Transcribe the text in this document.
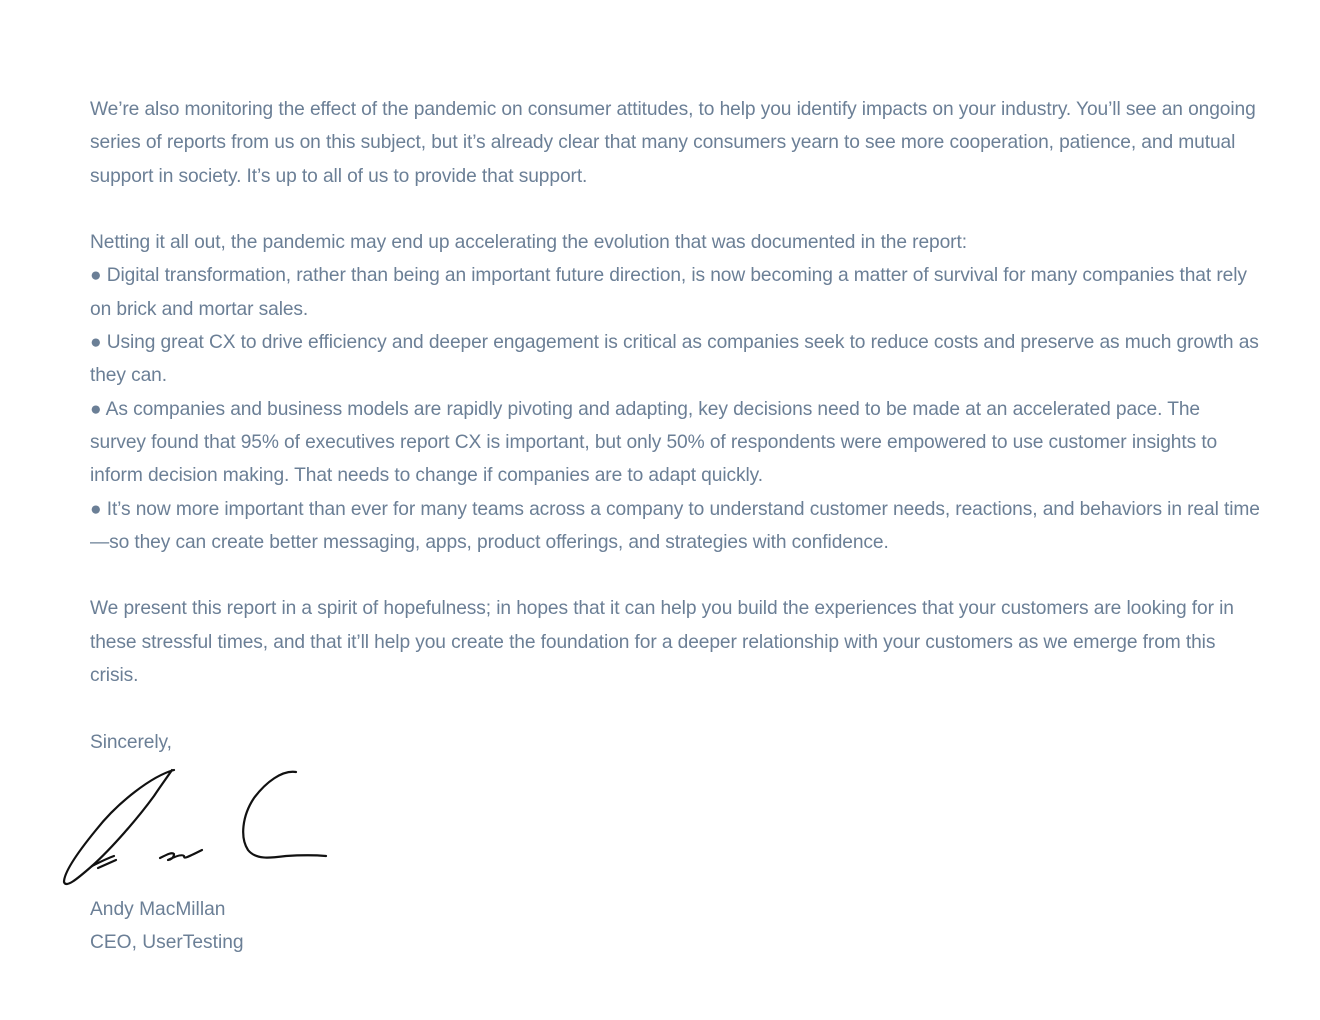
We’re also monitoring the effect of the pandemic on consumer attitudes, to help you identify impacts on your industry. You’ll see an ongoing series of reports from us on this subject, but it’s already clear that many consumers yearn to see more cooperation, patience, and mutual support in society. It’s up to all of us to provide that support.

Netting it all out, the pandemic may end up accelerating the evolution that was documented in the report:

● Digital transformation, rather than being an important future direction, is now becoming a matter of survival for many companies that rely on brick and mortar sales.

● Using great CX to drive efficiency and deeper engagement is critical as companies seek to reduce costs and preserve as much growth as they can.

● As companies and business models are rapidly pivoting and adapting, key decisions need to be made at an accelerated pace. The survey found that 95% of executives report CX is important, but only 50% of respondents were empowered to use customer insights to inform decision making. That needs to change if companies are to adapt quickly.

● It’s now more important than ever for many teams across a company to understand customer needs, reactions, and behaviors in real time—so they can create better messaging, apps, product offerings, and strategies with confidence.

We present this report in a spirit of hopefulness; in hopes that it can help you build the experiences that your customers are looking for in these stressful times, and that it’ll help you create the foundation for a deeper relationship with your customers as we emerge from this crisis.

Sincerely,

Andy MacMillan
CEO, UserTesting
